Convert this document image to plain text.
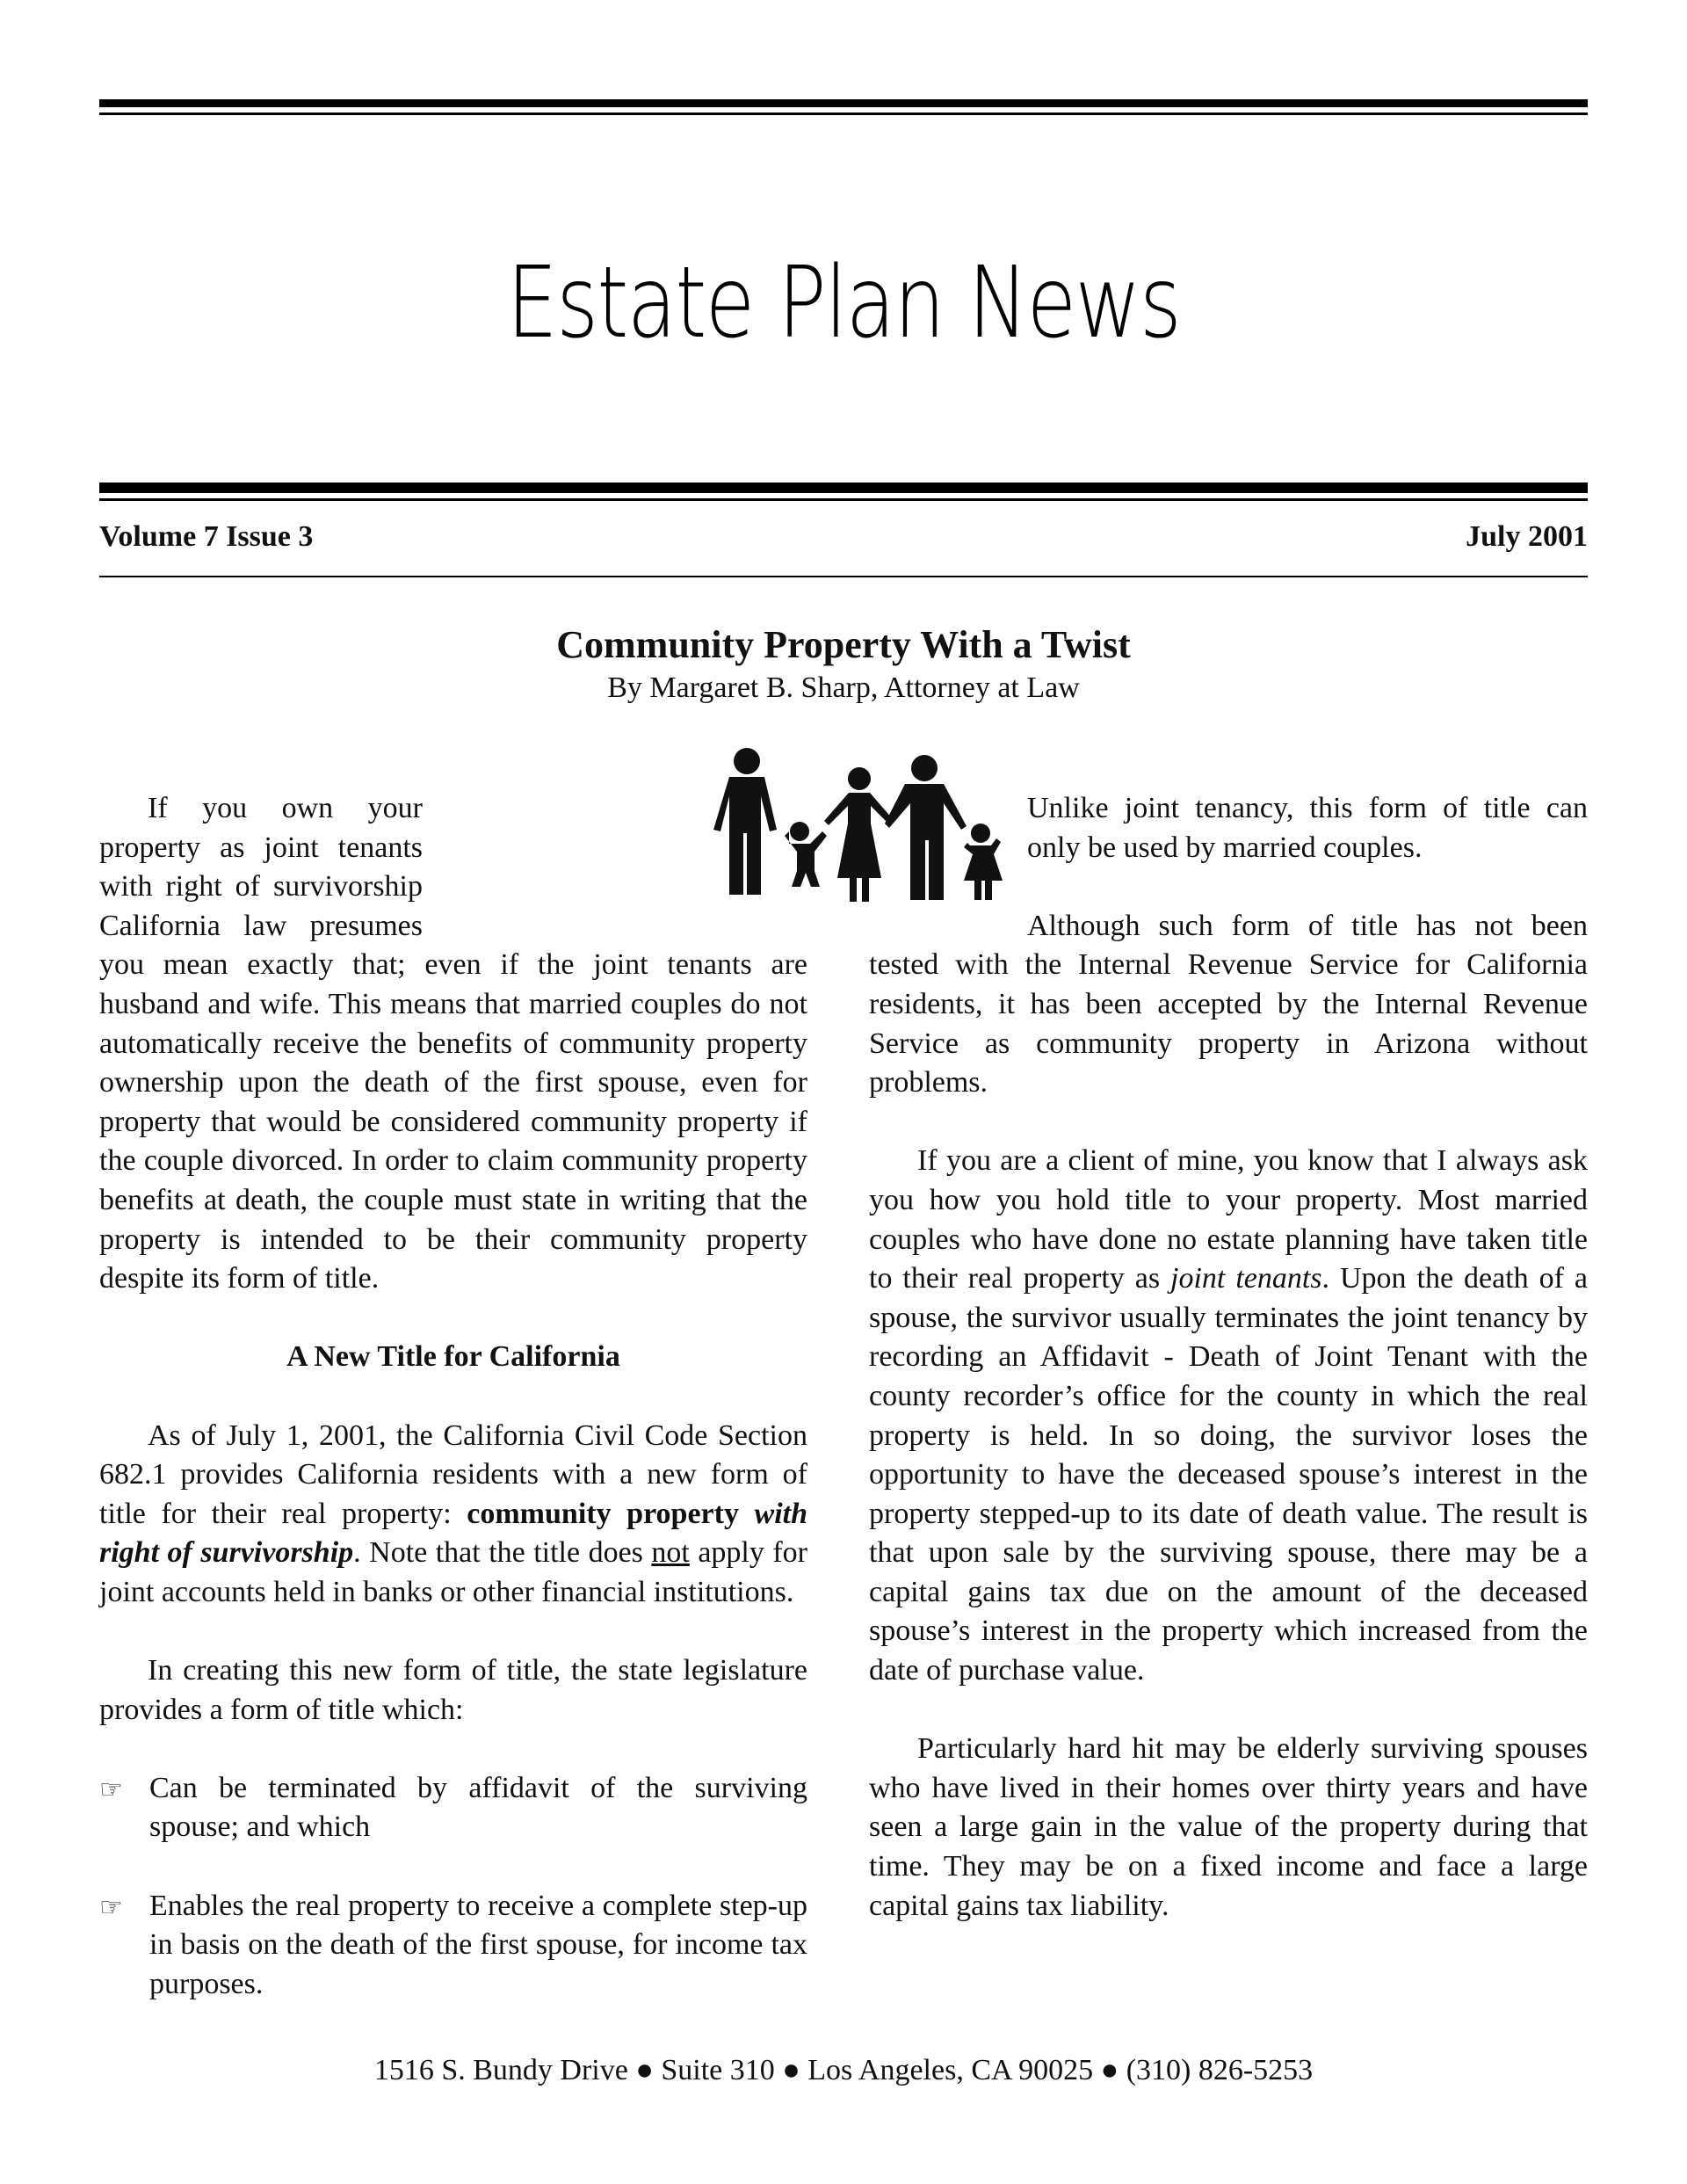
Estate Plan News
Volume 7 Issue 3	July 2001
Community Property With a Twist
By Margaret B. Sharp, Attorney at Law

If you own your property as joint tenants with right of survivorship California law presumes you mean exactly that; even if the joint tenants are husband and wife. This means that married couples do not automatically receive the benefits of community property ownership upon the death of the first spouse, even for property that would be considered community property if the couple divorced. In order to claim community property benefits at death, the couple must state in writing that the property is intended to be their community property despite its form of title.

A New Title for California

As of July 1, 2001, the California Civil Code Section 682.1 provides California residents with a new form of title for their real property: community property with right of survivorship. Note that the title does not apply for joint accounts held in banks or other financial institutions.

In creating this new form of title, the state legislature provides a form of title which:

☞ Can be terminated by affidavit of the surviving spouse; and which
☞ Enables the real property to receive a complete step-up in basis on the death of the first spouse, for income tax purposes.

Unlike joint tenancy, this form of title can only be used by married couples.

Although such form of title has not been tested with the Internal Revenue Service for California residents, it has been accepted by the Internal Revenue Service as community property in Arizona without problems.

If you are a client of mine, you know that I always ask you how you hold title to your property. Most married couples who have done no estate planning have taken title to their real property as joint tenants. Upon the death of a spouse, the survivor usually terminates the joint tenancy by recording an Affidavit - Death of Joint Tenant with the county recorder’s office for the county in which the real property is held. In so doing, the survivor loses the opportunity to have the deceased spouse’s interest in the property stepped-up to its date of death value. The result is that upon sale by the surviving spouse, there may be a capital gains tax due on the amount of the deceased spouse’s interest in the property which increased from the date of purchase value.

Particularly hard hit may be elderly surviving spouses who have lived in their homes over thirty years and have seen a large gain in the value of the property during that time. They may be on a fixed income and face a large capital gains tax liability.

1516 S. Bundy Drive ● Suite 310 ● Los Angeles, CA 90025 ● (310) 826-5253
